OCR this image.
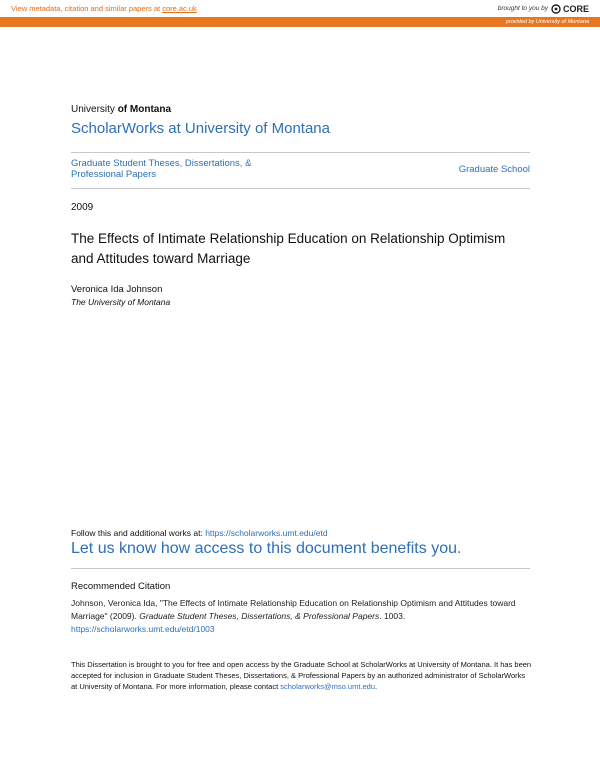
View metadata, citation and similar papers at core.ac.uk	brought to you by CORE
provided by University of Montana
University of Montana
ScholarWorks at University of Montana
Graduate Student Theses, Dissertations, & Professional Papers	Graduate School
2009
The Effects of Intimate Relationship Education on Relationship Optimism and Attitudes toward Marriage
Veronica Ida Johnson
The University of Montana
Follow this and additional works at: https://scholarworks.umt.edu/etd
Let us know how access to this document benefits you.
Recommended Citation
Johnson, Veronica Ida, "The Effects of Intimate Relationship Education on Relationship Optimism and Attitudes toward Marriage" (2009). Graduate Student Theses, Dissertations, & Professional Papers. 1003.
https://scholarworks.umt.edu/etd/1003
This Dissertation is brought to you for free and open access by the Graduate School at ScholarWorks at University of Montana. It has been accepted for inclusion in Graduate Student Theses, Dissertations, & Professional Papers by an authorized administrator of ScholarWorks at University of Montana. For more information, please contact scholarworks@mso.umt.edu.
